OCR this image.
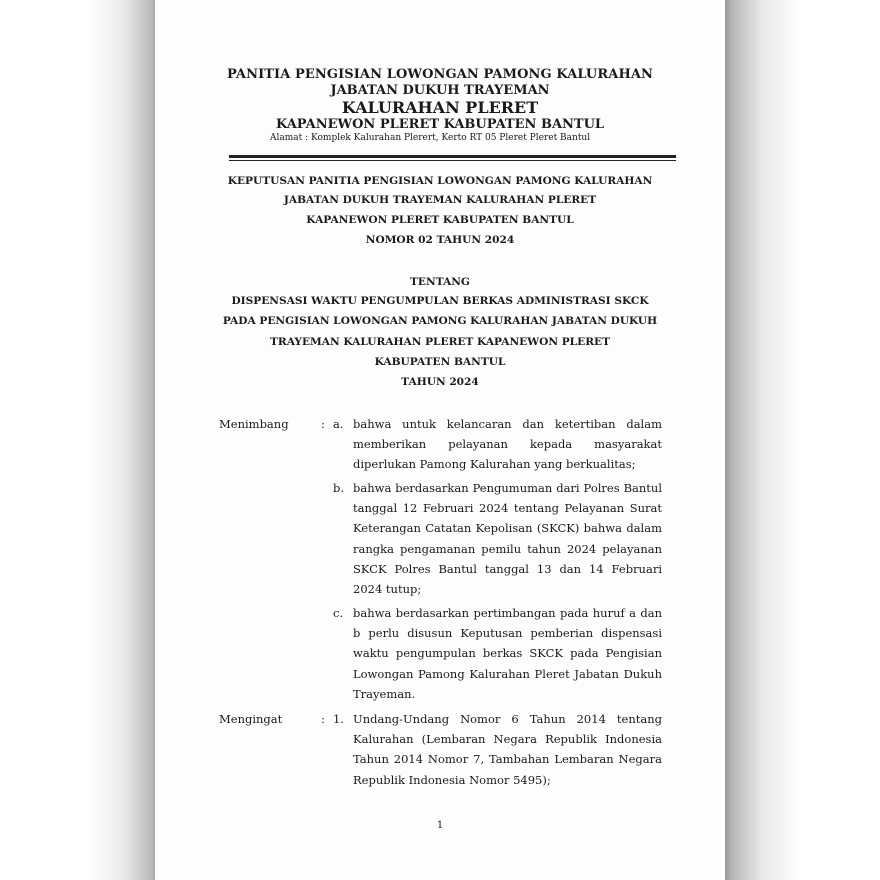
PANITIA PENGISIAN LOWONGAN PAMONG KALURAHAN
JABATAN DUKUH TRAYEMAN
KALURAHAN PLERET
KAPANEWON PLERET KABUPATEN BANTUL
Alamat : Komplek Kalurahan Plerert, Kerto RT 05 Pleret Pleret Bantul
KEPUTUSAN PANITIA PENGISIAN LOWONGAN PAMONG KALURAHAN
JABATAN DUKUH TRAYEMAN KALURAHAN PLERET
KAPANEWON PLERET KABUPATEN BANTUL
NOMOR 02 TAHUN 2024
TENTANG
DISPENSASI WAKTU PENGUMPULAN BERKAS ADMINISTRASI SKCK
PADA PENGISIAN LOWONGAN PAMONG KALURAHAN JABATAN DUKUH
TRAYEMAN KALURAHAN PLERET KAPANEWON PLERET
KABUPATEN BANTUL
TAHUN 2024
Menimbang	: a. bahwa untuk kelancaran dan ketertiban dalam memberikan pelayanan kepada masyarakat diperlukan Pamong Kalurahan yang berkualitas;
b. bahwa berdasarkan Pengumuman dari Polres Bantul tanggal 12 Februari 2024 tentang Pelayanan Surat Keterangan Catatan Kepolisan (SKCK) bahwa dalam rangka pengamanan pemilu tahun 2024 pelayanan SKCK Polres Bantul tanggal 13 dan 14 Februari 2024 tutup;
c. bahwa berdasarkan pertimbangan pada huruf a dan b perlu disusun Keputusan pemberian dispensasi waktu pengumpulan berkas SKCK pada Pengisian Lowongan Pamong Kalurahan Pleret Jabatan Dukuh Trayeman.
Mengingat	: 1. Undang-Undang Nomor 6 Tahun 2014 tentang Kalurahan (Lembaran Negara Republik Indonesia Tahun 2014 Nomor 7, Tambahan Lembaran Negara Republik Indonesia Nomor 5495);
1
